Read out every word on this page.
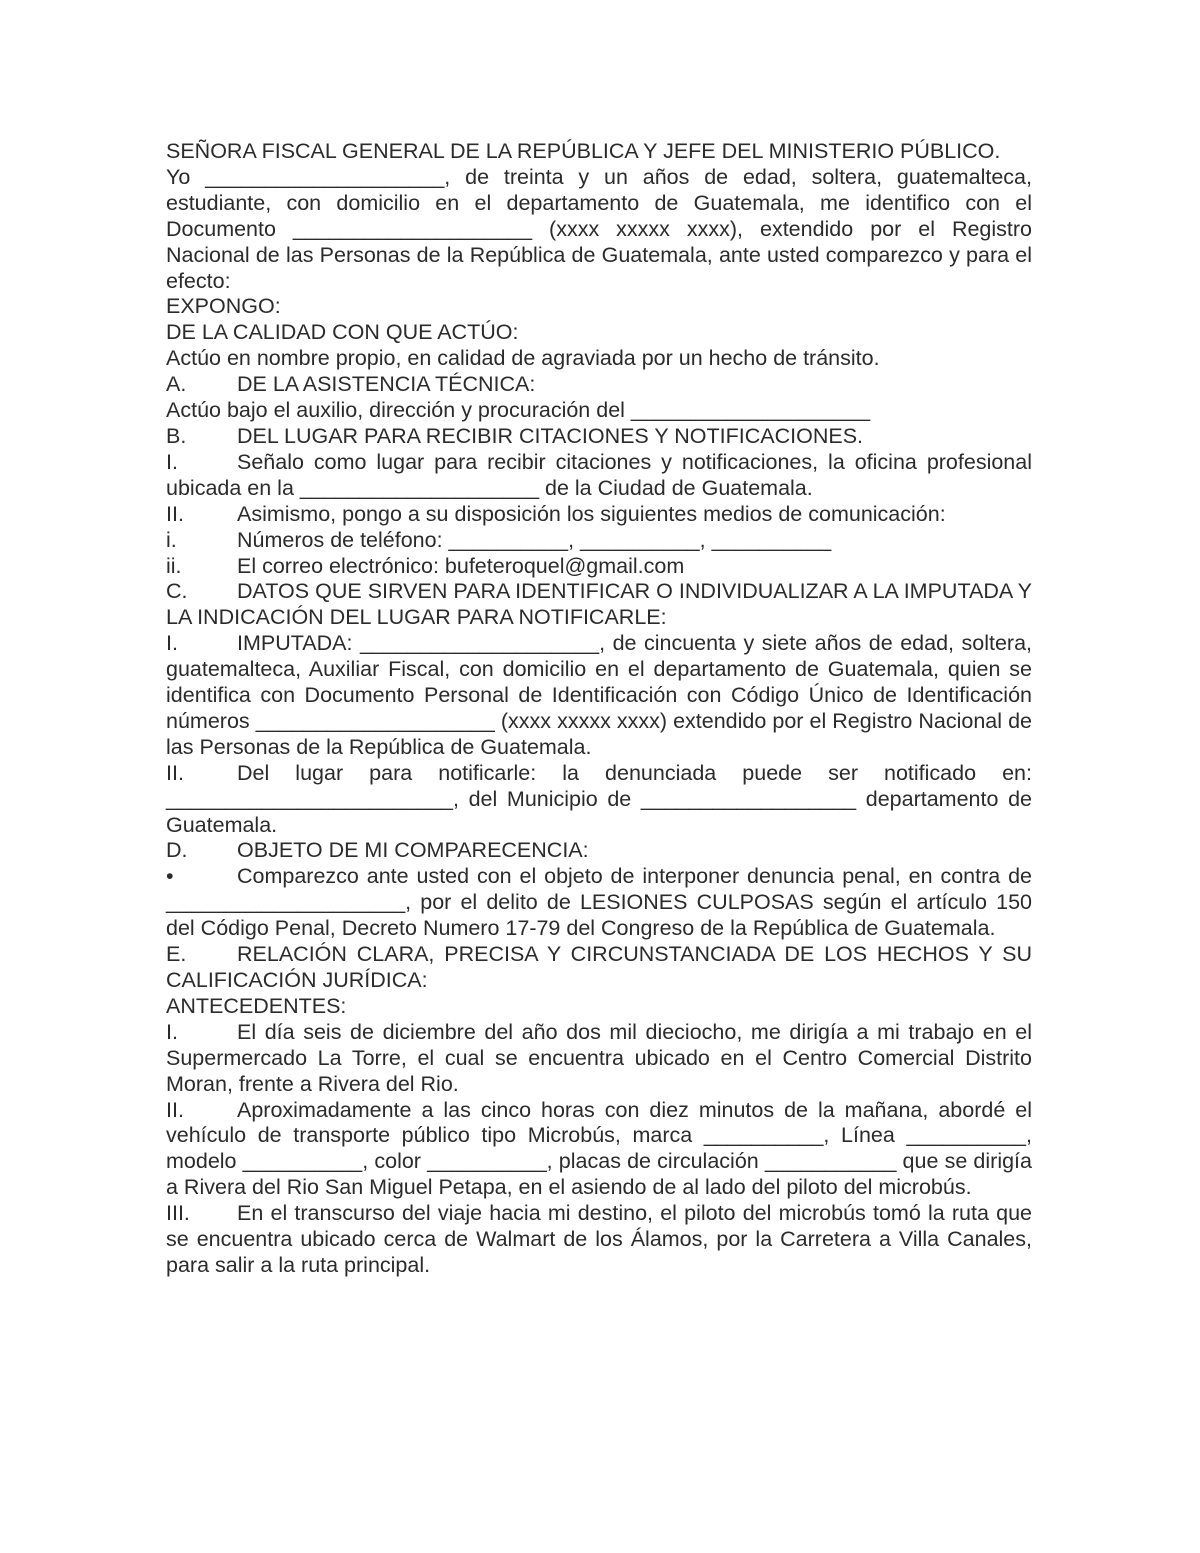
SEÑORA FISCAL GENERAL DE LA REPÚBLICA Y JEFE DEL MINISTERIO PÚBLICO.

Yo ____________________, de treinta y un años de edad, soltera, guatemalteca, estudiante, con domicilio en el departamento de Guatemala, me identifico con el Documento ____________________ (xxxx xxxxx xxxx), extendido por el Registro Nacional de las Personas de la República de Guatemala, ante usted comparezco y para el efecto:

EXPONGO:

DE LA CALIDAD CON QUE ACTÚO:

Actúo en nombre propio, en calidad de agraviada por un hecho de tránsito.

A. DE LA ASISTENCIA TÉCNICA:

Actúo bajo el auxilio, dirección y procuración del ____________________

B. DEL LUGAR PARA RECIBIR CITACIONES Y NOTIFICACIONES.

I.	Señalo como lugar para recibir citaciones y notificaciones, la oficina profesional ubicada en la ____________________ de la Ciudad de Guatemala.

II. Asimismo, pongo a su disposición los siguientes medios de comunicación:

i.	Números de teléfono: __________, __________, __________

ii.	El correo electrónico: bufeteroquel@gmail.com

C. DATOS QUE SIRVEN PARA IDENTIFICAR O INDIVIDUALIZAR A LA IMPUTADA Y LA INDICACIÓN DEL LUGAR PARA NOTIFICARLE:

I.	IMPUTADA: ____________________, de cincuenta y siete años de edad, soltera, guatemalteca, Auxiliar Fiscal, con domicilio en el departamento de Guatemala, quien se identifica con Documento Personal de Identificación con Código Único de Identificación números ____________________ (xxxx xxxxx xxxx) extendido por el Registro Nacional de las Personas de la República de Guatemala.

II. Del lugar para notificarle: la denunciada puede ser notificado en: ________________________, del Municipio de __________________ departamento de Guatemala.

D. OBJETO DE MI COMPARECENCIA:

•	Comparezco ante usted con el objeto de interponer denuncia penal, en contra de ____________________, por el delito de LESIONES CULPOSAS según el artículo 150 del Código Penal, Decreto Numero 17-79 del Congreso de la República de Guatemala.

E. RELACIÓN CLARA, PRECISA Y CIRCUNSTANCIADA DE LOS HECHOS Y SU CALIFICACIÓN JURÍDICA:

ANTECEDENTES:

I.	El día seis de diciembre del año dos mil dieciocho, me dirigía a mi trabajo en el Supermercado La Torre, el cual se encuentra ubicado en el Centro Comercial Distrito Moran, frente a Rivera del Rio.

II. Aproximadamente a las cinco horas con diez minutos de la mañana, abordé el vehículo de transporte público tipo Microbús, marca __________, Línea __________, modelo __________, color __________, placas de circulación ___________ que se dirigía a Rivera del Rio San Miguel Petapa, en el asiendo de al lado del piloto del microbús.

III. En el transcurso del viaje hacia mi destino, el piloto del microbús tomó la ruta que se encuentra ubicado cerca de Walmart de los Álamos, por la Carretera a Villa Canales, para salir a la ruta principal.
